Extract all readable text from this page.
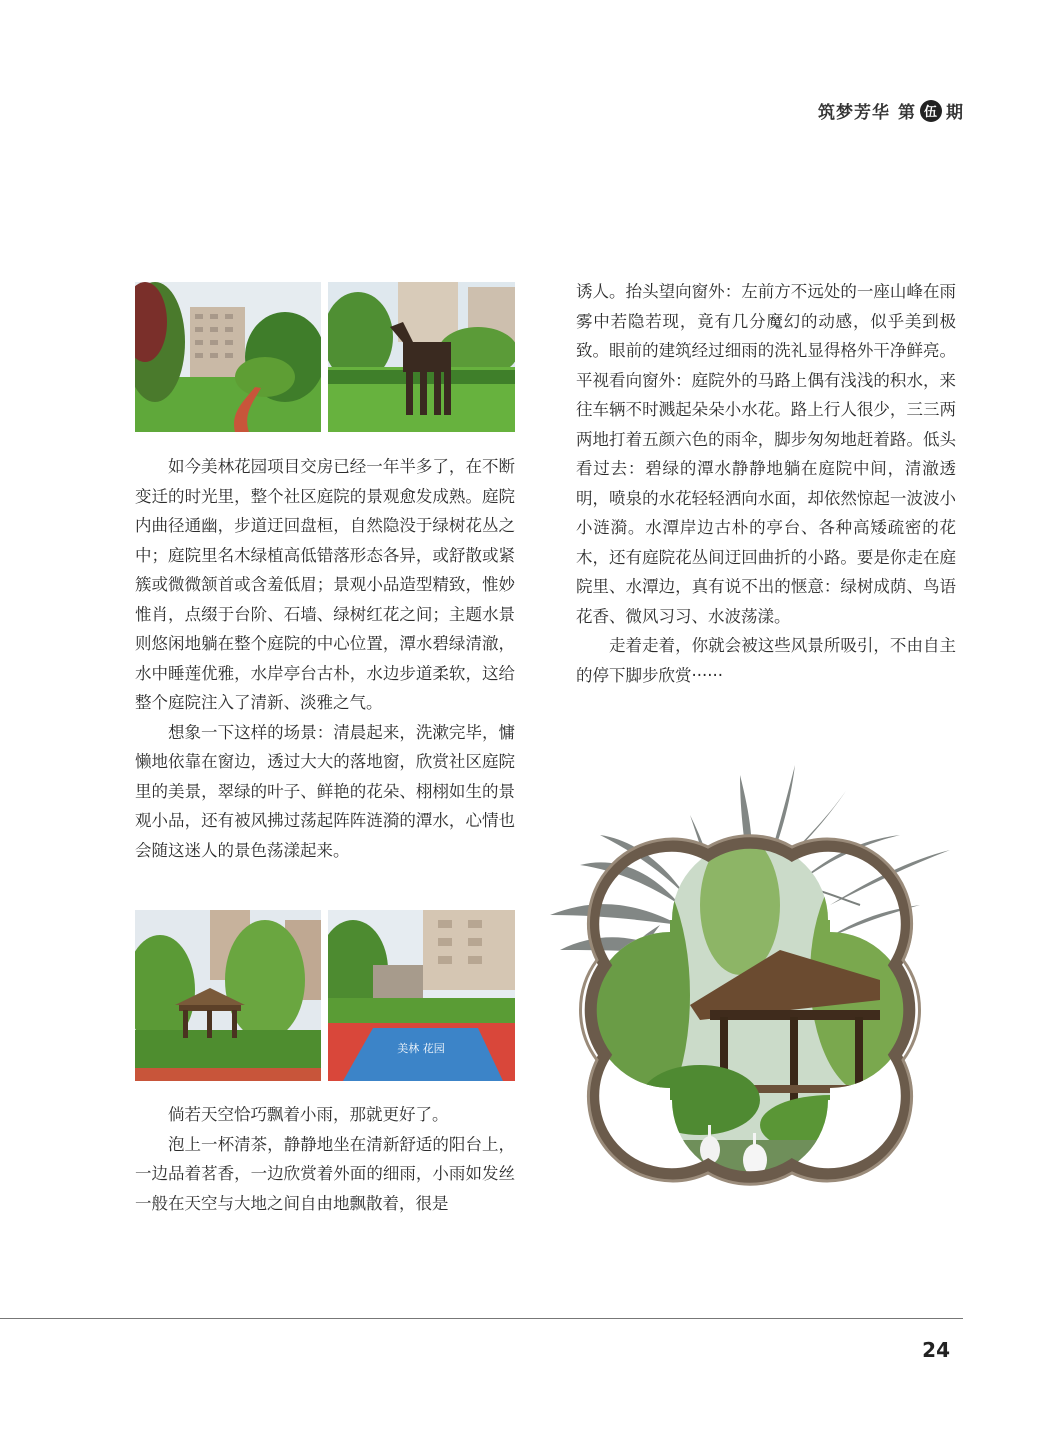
筑梦芳华 第 伍 期

如今美林花园项目交房已经一年半多了，在不断变迁的时光里，整个社区庭院的景观愈发成熟。庭院内曲径通幽，步道迂回盘桓，自然隐没于绿树花丛之中；庭院里名木绿植高低错落形态各异，或舒散或紧簇或微微颔首或含羞低眉；景观小品造型精致，惟妙惟肖，点缀于台阶、石墙、绿树红花之间；主题水景则悠闲地躺在整个庭院的中心位置，潭水碧绿清澈，水中睡莲优雅，水岸亭台古朴，水边步道柔软，这给整个庭院注入了清新、淡雅之气。

想象一下这样的场景：清晨起来，洗漱完毕，慵懒地依靠在窗边，透过大大的落地窗，欣赏社区庭院里的美景，翠绿的叶子、鲜艳的花朵、栩栩如生的景观小品，还有被风拂过荡起阵阵涟漪的潭水，心情也会随这迷人的景色荡漾起来。

美林 花园

倘若天空恰巧飘着小雨，那就更好了。

泡上一杯清茶，静静地坐在清新舒适的阳台上，一边品着茗香，一边欣赏着外面的细雨，小雨如发丝一般在天空与大地之间自由地飘散着，很是

诱人。抬头望向窗外：左前方不远处的一座山峰在雨雾中若隐若现，竟有几分魔幻的动感，似乎美到极致。眼前的建筑经过细雨的洗礼显得格外干净鲜亮。平视看向窗外：庭院外的马路上偶有浅浅的积水，来往车辆不时溅起朵朵小水花。路上行人很少，三三两两地打着五颜六色的雨伞，脚步匆匆地赶着路。低头看过去：碧绿的潭水静静地躺在庭院中间，清澈透明，喷泉的水花轻轻洒向水面，却依然惊起一波波小小涟漪。水潭岸边古朴的亭台、各种高矮疏密的花木，还有庭院花丛间迂回曲折的小路。要是你走在庭院里、水潭边，真有说不出的惬意：绿树成荫、鸟语花香、微风习习、水波荡漾。

走着走着，你就会被这些风景所吸引，不由自主的停下脚步欣赏······

24
